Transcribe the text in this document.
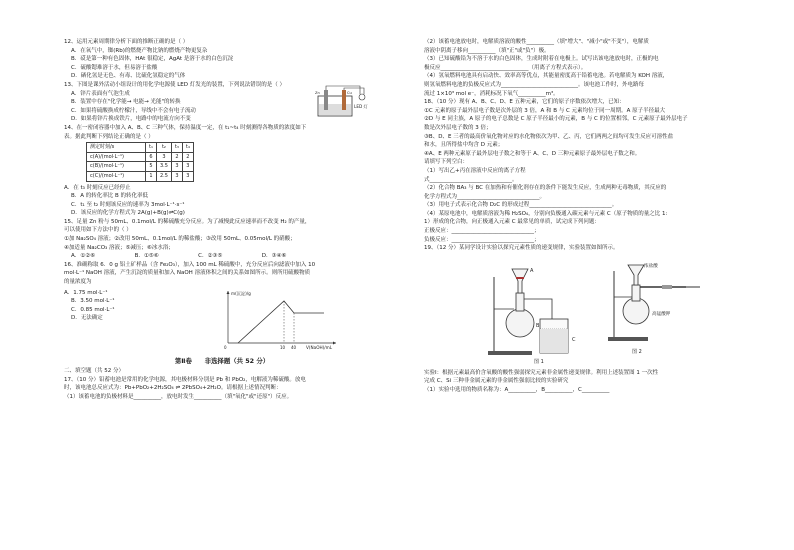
12、运用元素周期律分析下面的推断正确的是（ ）
A．在氧气中，铷(Rb)的燃烧产物比钠的燃烧产物更复杂
B．砹是第一种有色固体，HAt 很稳定，AgAt 是溶于水的白色沉淀
C．硫酸锶难溶于水，但易溶于盐酸
D．硒化氢是无色、有毒、比硫化氢稳定的气体
13、下图是课外活动小组设计的用化学电源使 LED 灯发光的装置，下列说法错误的是（ ）
A．锌片表面有气泡生成
B．装置中存在"化学能→ 电能→ 光能"的转换
C．如果将硫酸换成柠檬汁，导线中不会有电子流动
D．如果将锌片换成铁片，电路中的电流方向不变
LED 灯
Cu
Zn
14、在一密闭容器中加入 A、B、C 三种气体，保持温度一定，在 t₁~t₄ 时刻测得各物质的浓度如下
表。据此判断下列结论正确的是（ ）
测定时刻/s	t₁	t₂	t₃	t₄
c(A)/(mol·L⁻¹)	6	3	2	2
c(B)/(mol·L⁻¹)	5	3.5	3	3
c(C)/(mol·L⁻¹)	1	2.5	3	3
A．在 t₃ 时刻反应已经停止
B．A 的转化率比 B 的转化率低
C．t₁ 至 t₂ 时刻该反应的速率为 3mol·L⁻¹·s⁻¹
D．该反应的化学方程式为 2A(g)+B(g)⇌C(g)
15、足量 Zn 粉与 50mL、0.1mol/L 的稀硫酸充分反应。为了减慢此反应速率而不改变 H₂ 的产量，
可以使用如下方法中的（ ）
①加 Na₂SO₄ 溶液；②改用 50mL、0.1mol/L 的稀盐酸；③改用 50mL、0.05mol/L 的硝酸；
④加适量 Na₂CO₃ 溶液；⑤减压；⑥冰水浴；
A．①②⑥	B．①⑤⑥	C．②③⑤	D．③④⑥
16、准确称取 6．0 g 铝土矿样品（含 Fe₂O₃），加入 100 mL 稀硫酸中，充分反应后向滤液中加入 10
mol·L⁻¹ NaOH 溶液，产生沉淀的质量和加入 NaOH 溶液体积之间的关系如图所示。则所用硫酸物质
的量浓度为
A．1.75 mol·L⁻¹
B．3.50 mol·L⁻¹
C．0.85 mol·L⁻¹
D．无法确定
m(沉淀)/g
V(NaOH)/mL
0	10 40
第Ⅱ卷　　非选择题（共 52 分）
二、填空题（共 52 分）
17、（10 分）铅蓄电池是常用的化学电源，其电极材料分别是 Pb 和 PbO₂，电解液为稀硫酸。放电
时，该电池总反应式为：Pb+PbO₂+2H₂SO₄ ⇌ 2PbSO₄+2H₂O。请根据上述情况判断：
（1）该蓄电池的负极材料是__________，放电时发生__________（填"氧化"或"还原"）反应。
（2）该蓄电池放电时，电解质溶液的酸性__________（填"增大"、"减小"或"不变"），电解质
溶液中阴离子移向__________（填"正"或"负"）极。
（3）已知硫酸铅为不溶于水的白色固体，生成时附着在电极上。试写出该电池放电时，正极的电
极反应________________________________（用离子方程式表示）。
（4）氢氧燃料电池具有启动快、效率高等优点，其能量密度高于铅蓄电池。若电解质为 KOH 溶液，
则氢氧燃料电池的负极反应式为____________________________。该电池工作时，外电路每
流过 1×10³ mol e⁻，消耗标况下氧气__________m³。
18、（10 分）现有 A、B、C、D、E 五种元素，它们的原子序数依次增大，已知：
①C 元素的原子最外层电子数是次外层的 3 倍，A 和 B 与 C 元素均位于同一周期。A 原子半径最大
②D 与 E 同主族，A 原子的电子总数是 C 原子半径最小的元素，B 与 C 的位置相邻，C 元素原子最外层电子
数是次外层电子数的 3 倍；
③B、D、E 三者的最高价氧化物对应的水化物依次为甲、乙、丙，它们两两之间均可发生反应可溶性盐
和水，且所得盐中均含 D 元素；
④A、E 两种元素原子最外层电子数之和等于 A、C、D 三种元素原子最外层电子数之和。
请填写下列空白：
（1）写出乙+丙在溶液中反应的离子方程
式______________________________。
（2）化合物 BA₃ 与 BC 在加热和有催化剂存在的条件下能发生反应，生成两种无毒物质，其反应的
化学方程式为______________________________。
（3）用电子式表示化合物 D₂C 的形成过程______________________________。
（4）某原电池中，电解质溶液为稀 H₂SO₄，分别向负极通入碳元素与元素 C（原子物质的量之比 1:
1）形成的化合物，向正极通入元素 C 最常见的单质，试完成下列问题：
正极反应：______________________________；
负极反应：______________________________；
19、（12 分）某同学设计实验以探究元素性质的递变规律，实验装置如图所示。
A
B
C
图 1
浓盐酸
高锰酸钾
图 2
实验Ⅰ：根据元素最高价含氧酸的酸性强弱探究元素非金属性递变规律。利用上述装置图 1 一次性
完成 C、Si 三种非金属元素的非金属性强弱比较的实验研究
（1）实验中选用的物质名称为：A__________，B__________，C__________
